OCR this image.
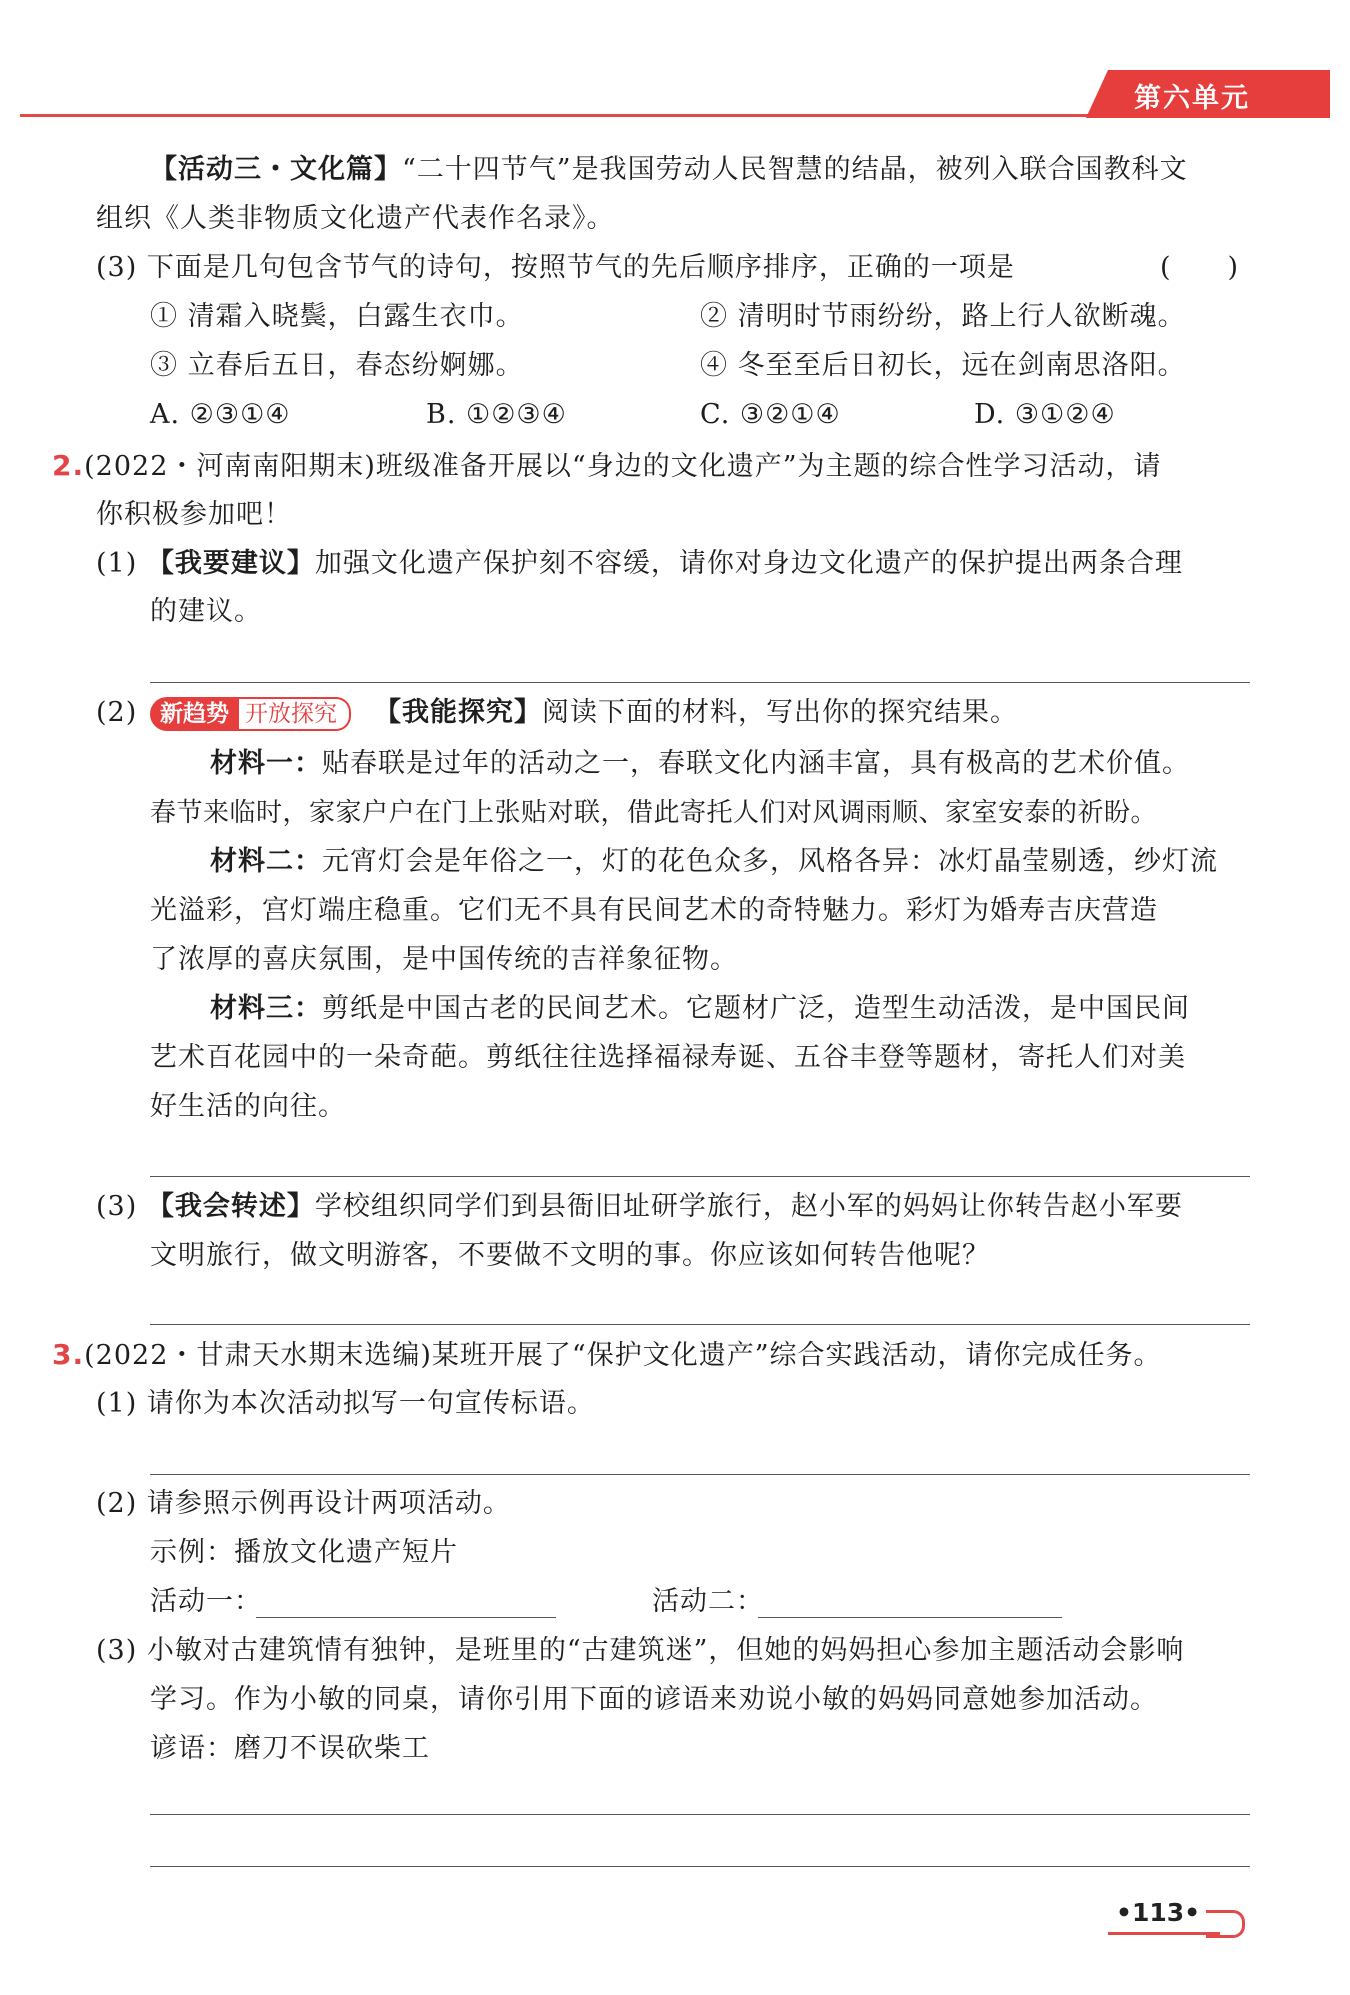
第六单元
【活动三・文化篇】“二十四节气”是我国劳动人民智慧的结晶，被列入联合国教科文
组织《人类非物质文化遗产代表作名录》。
(3) 下面是几句包含节气的诗句，按照节气的先后顺序排序，正确的一项是	(　　)
① 清霜入晓鬓，白露生衣巾。	② 清明时节雨纷纷，路上行人欲断魂。
③ 立春后五日，春态纷婀娜。	④ 冬至至后日初长，远在剑南思洛阳。
A. ②③①④	B. ①②③④	C. ③②①④	D. ③①②④
2.(2022・河南南阳期末)班级准备开展以“身边的文化遗产”为主题的综合性学习活动，请
你积极参加吧！
(1) 【我要建议】加强文化遗产保护刻不容缓，请你对身边文化遗产的保护提出两条合理
的建议。
(2) 新趋势 开放探究	【我能探究】阅读下面的材料，写出你的探究结果。
材料一：贴春联是过年的活动之一，春联文化内涵丰富，具有极高的艺术价值。
春节来临时，家家户户在门上张贴对联，借此寄托人们对风调雨顺、家室安泰的祈盼。
材料二：元宵灯会是年俗之一，灯的花色众多，风格各异：冰灯晶莹剔透，纱灯流
光溢彩，宫灯端庄稳重。它们无不具有民间艺术的奇特魅力。彩灯为婚寿吉庆营造
了浓厚的喜庆氛围，是中国传统的吉祥象征物。
材料三：剪纸是中国古老的民间艺术。它题材广泛，造型生动活泼，是中国民间
艺术百花园中的一朵奇葩。剪纸往往选择福禄寿诞、五谷丰登等题材，寄托人们对美
好生活的向往。
(3) 【我会转述】学校组织同学们到县衙旧址研学旅行，赵小军的妈妈让你转告赵小军要
文明旅行，做文明游客，不要做不文明的事。你应该如何转告他呢？
3.(2022・甘肃天水期末选编)某班开展了“保护文化遗产”综合实践活动，请你完成任务。
(1) 请你为本次活动拟写一句宣传标语。
(2) 请参照示例再设计两项活动。
示例：播放文化遗产短片
活动一：	活动二：
(3) 小敏对古建筑情有独钟，是班里的“古建筑迷”，但她的妈妈担心参加主题活动会影响
学习。作为小敏的同桌，请你引用下面的谚语来劝说小敏的妈妈同意她参加活动。
谚语：磨刀不误砍柴工
•113•
